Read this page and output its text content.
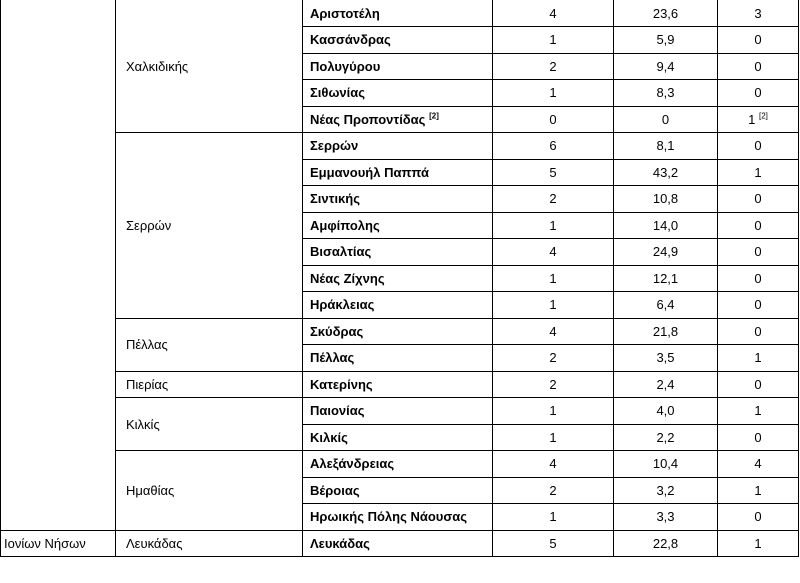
	Χαλκιδικής	Αριστοτέλη	4	23,6	3
		Κασσάνδρας	1	5,9	0
		Πολυγύρου	2	9,4	0
		Σιθωνίας	1	8,3	0
		Νέας Προποντίδας [2]	0	0	1 [2]
	Σερρών	Σερρών	6	8,1	0
		Εμμανουήλ Παππά	5	43,2	1
		Σιντικής	2	10,8	0
		Αμφίπολης	1	14,0	0
		Βισαλτίας	4	24,9	0
		Νέας Ζίχνης	1	12,1	0
		Ηράκλειας	1	6,4	0
	Πέλλας	Σκύδρας	4	21,8	0
		Πέλλας	2	3,5	1
	Πιερίας	Κατερίνης	2	2,4	0
	Κιλκίς	Παιονίας	1	4,0	1
		Κιλκίς	1	2,2	0
	Ημαθίας	Αλεξάνδρειας	4	10,4	4
		Βέροιας	2	3,2	1
		Ηρωικής Πόλης Νάουσας	1	3,3	0
Ιονίων Νήσων	Λευκάδας	Λευκάδας	5	22,8	1
